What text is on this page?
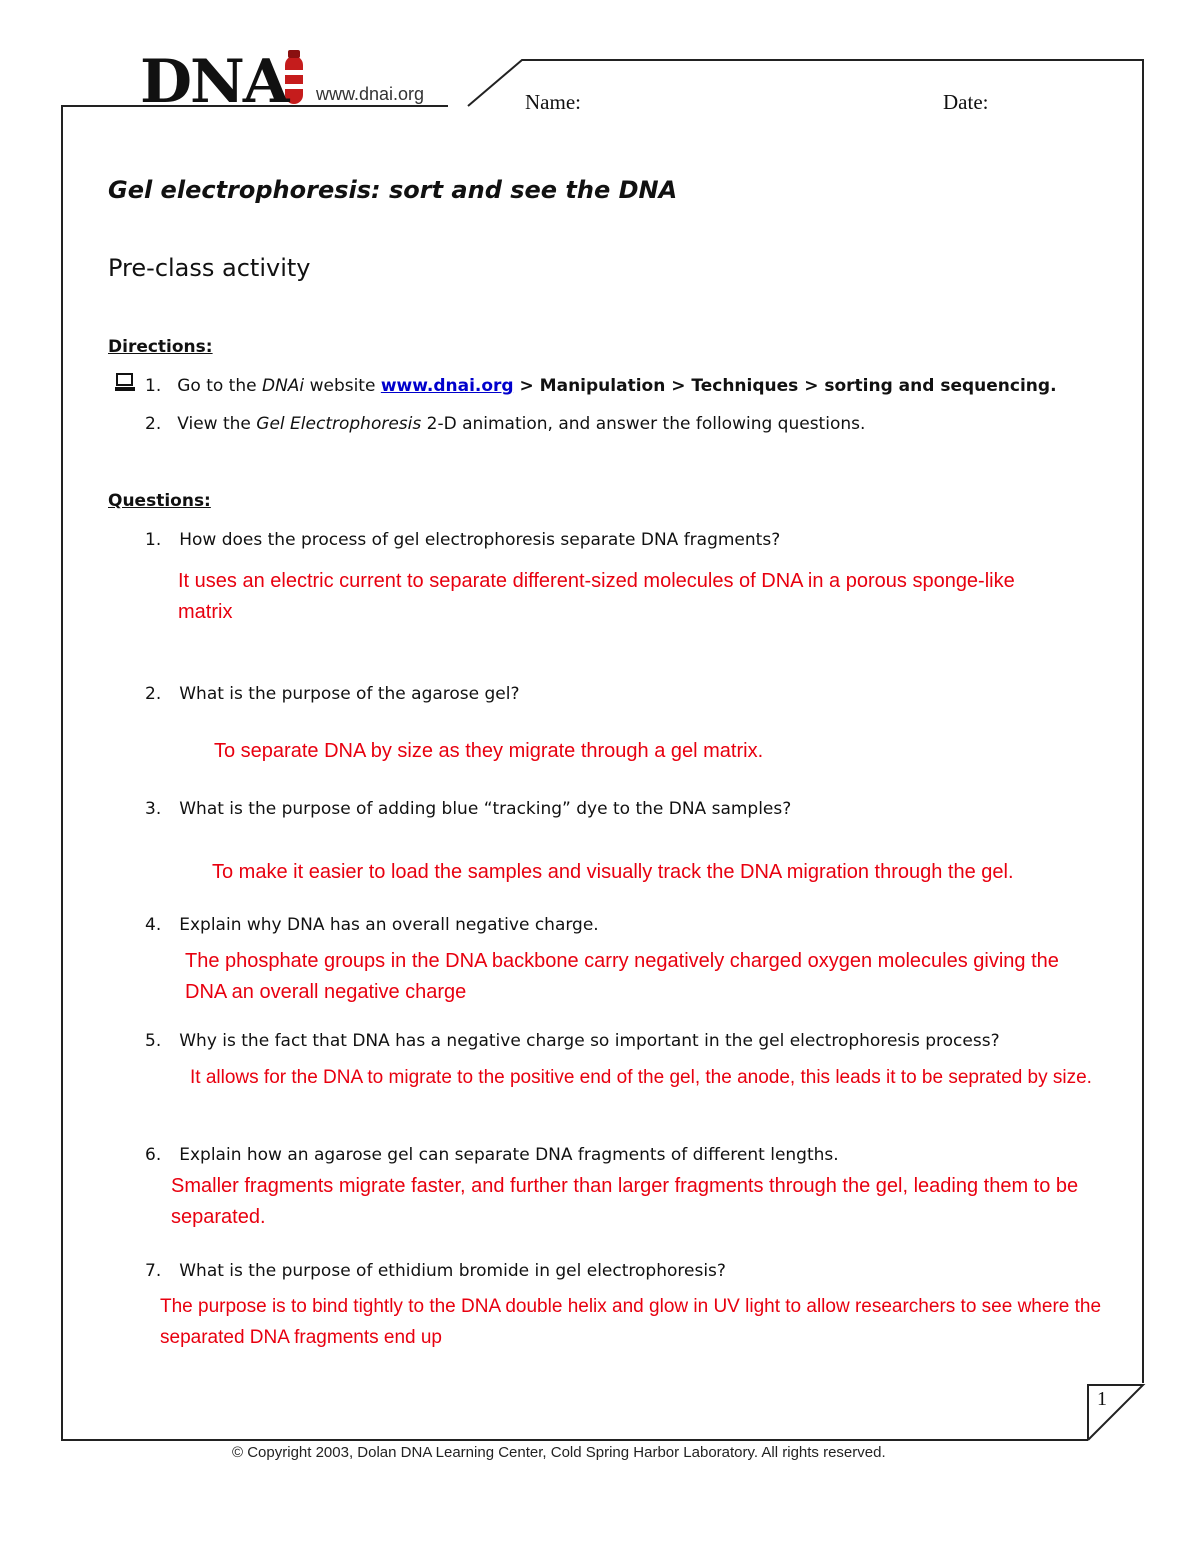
DNA www.dnai.org	Name:	Date:
Gel electrophoresis: sort and see the DNA
Pre-class activity
Directions:
1. Go to the DNAi website www.dnai.org > Manipulation > Techniques > sorting and sequencing.
2. View the Gel Electrophoresis 2-D animation, and answer the following questions.
Questions:
1. How does the process of gel electrophoresis separate DNA fragments?
It uses an electric current to separate different-sized molecules of DNA in a porous sponge-like
matrix
2. What is the purpose of the agarose gel?
To separate DNA by size as they migrate through a gel matrix.
3. What is the purpose of adding blue “tracking” dye to the DNA samples?
To make it easier to load the samples and visually track the DNA migration through the gel.
4. Explain why DNA has an overall negative charge.
The phosphate groups in the DNA backbone carry negatively charged oxygen molecules giving the
DNA an overall negative charge
5. Why is the fact that DNA has a negative charge so important in the gel electrophoresis process?
It allows for the DNA to migrate to the positive end of the gel, the anode, this leads it to be seprated by size.
6. Explain how an agarose gel can separate DNA fragments of different lengths.
Smaller fragments migrate faster, and further than larger fragments through the gel, leading them to be
separated.
7. What is the purpose of ethidium bromide in gel electrophoresis?
The purpose is to bind tightly to the DNA double helix and glow in UV light to allow researchers to see where the
separated DNA fragments end up
1
© Copyright 2003, Dolan DNA Learning Center, Cold Spring Harbor Laboratory. All rights reserved.
